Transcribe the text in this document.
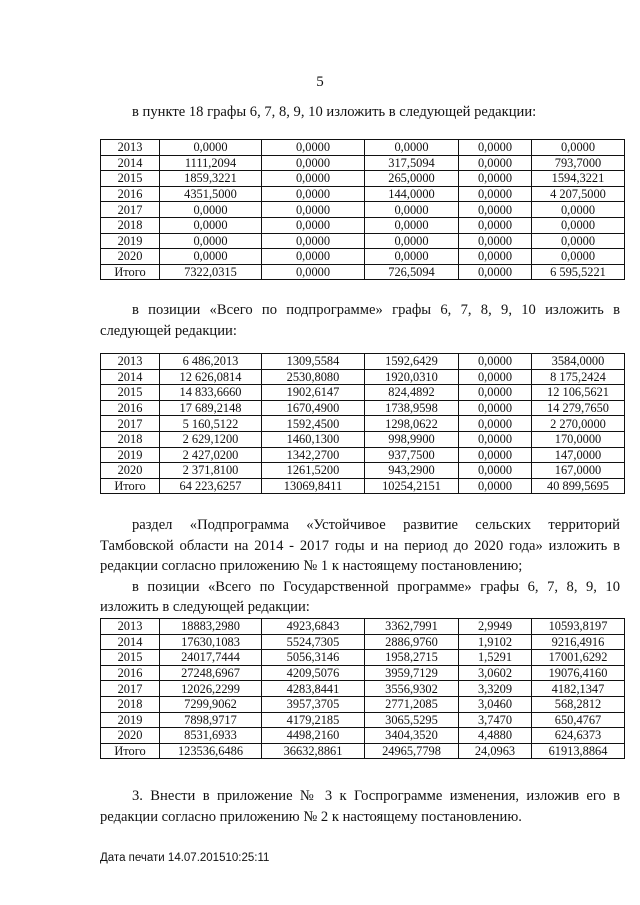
5
в пункте 18 графы 6, 7, 8, 9, 10 изложить в следующей редакции:
2013	0,0000	0,0000	0,0000	0,0000	0,0000
2014	1111,2094	0,0000	317,5094	0,0000	793,7000
2015	1859,3221	0,0000	265,0000	0,0000	1594,3221
2016	4351,5000	0,0000	144,0000	0,0000	4 207,5000
2017	0,0000	0,0000	0,0000	0,0000	0,0000
2018	0,0000	0,0000	0,0000	0,0000	0,0000
2019	0,0000	0,0000	0,0000	0,0000	0,0000
2020	0,0000	0,0000	0,0000	0,0000	0,0000
Итого	7322,0315	0,0000	726,5094	0,0000	6 595,5221
в позиции «Всего по подпрограмме» графы 6, 7, 8, 9, 10 изложить в
следующей редакции:
2013	6 486,2013	1309,5584	1592,6429	0,0000	3584,0000
2014	12 626,0814	2530,8080	1920,0310	0,0000	8 175,2424
2015	14 833,6660	1902,6147	824,4892	0,0000	12 106,5621
2016	17 689,2148	1670,4900	1738,9598	0,0000	14 279,7650
2017	5 160,5122	1592,4500	1298,0622	0,0000	2 270,0000
2018	2 629,1200	1460,1300	998,9900	0,0000	170,0000
2019	2 427,0200	1342,2700	937,7500	0,0000	147,0000
2020	2 371,8100	1261,5200	943,2900	0,0000	167,0000
Итого	64 223,6257	13069,8411	10254,2151	0,0000	40 899,5695
раздел «Подпрограмма «Устойчивое развитие сельских территорий
Тамбовской области на 2014 - 2017 годы и на период до 2020 года» изложить в
редакции согласно приложению № 1 к настоящему постановлению;
в позиции «Всего по Государственной программе» графы 6, 7, 8, 9, 10
изложить в следующей редакции:
2013	18883,2980	4923,6843	3362,7991	2,9949	10593,8197
2014	17630,1083	5524,7305	2886,9760	1,9102	9216,4916
2015	24017,7444	5056,3146	1958,2715	1,5291	17001,6292
2016	27248,6967	4209,5076	3959,7129	3,0602	19076,4160
2017	12026,2299	4283,8441	3556,9302	3,3209	4182,1347
2018	7299,9062	3957,3705	2771,2085	3,0460	568,2812
2019	7898,9717	4179,2185	3065,5295	3,7470	650,4767
2020	8531,6933	4498,2160	3404,3520	4,4880	624,6373
Итого	123536,6486	36632,8861	24965,7798	24,0963	61913,8864
3. Внести в приложение № 3 к Госпрограмме изменения, изложив его в
редакции согласно приложению № 2 к настоящему постановлению.
Дата печати 14.07.201510:25:11
